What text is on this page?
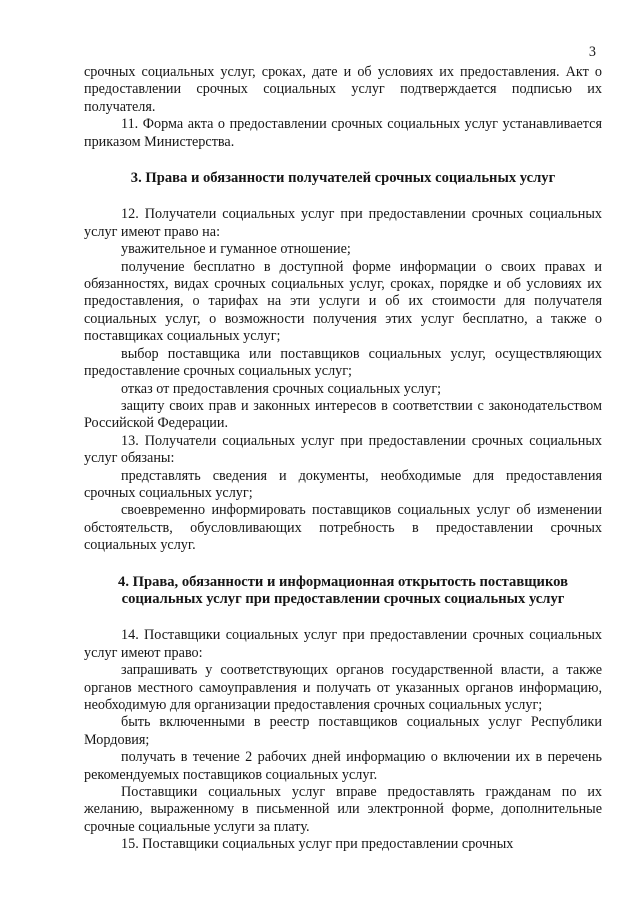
3

срочных социальных услуг, сроках, дате и об условиях их предоставления. Акт о предоставлении срочных социальных услуг подтверждается подписью их получателя.

11. Форма акта о предоставлении срочных социальных услуг устанавливается приказом Министерства.

3. Права и обязанности получателей срочных социальных услуг

12. Получатели социальных услуг при предоставлении срочных социальных услуг имеют право на:

уважительное и гуманное отношение;

получение бесплатно в доступной форме информации о своих правах и обязанностях, видах срочных социальных услуг, сроках, порядке и об условиях их предоставления, о тарифах на эти услуги и об их стоимости для получателя социальных услуг, о возможности получения этих услуг бесплатно, а также о поставщиках социальных услуг;

выбор поставщика или поставщиков социальных услуг, осуществляющих предоставление срочных социальных услуг;

отказ от предоставления срочных социальных услуг;

защиту своих прав и законных интересов в соответствии с законодательством Российской Федерации.

13. Получатели социальных услуг при предоставлении срочных социальных услуг обязаны:

представлять сведения и документы, необходимые для предоставления срочных социальных услуг;

своевременно информировать поставщиков социальных услуг об изменении обстоятельств, обусловливающих потребность в предоставлении срочных социальных услуг.

4. Права, обязанности и информационная открытость поставщиков социальных услуг при предоставлении срочных социальных услуг

14. Поставщики социальных услуг при предоставлении срочных социальных услуг имеют право:

запрашивать у соответствующих органов государственной власти, а также органов местного самоуправления и получать от указанных органов информацию, необходимую для организации предоставления срочных социальных услуг;

быть включенными в реестр поставщиков социальных услуг Республики Мордовия;

получать в течение 2 рабочих дней информацию о включении их в перечень рекомендуемых поставщиков социальных услуг.

Поставщики социальных услуг вправе предоставлять гражданам по их желанию, выраженному в письменной или электронной форме, дополнительные срочные социальные услуги за плату.

15. Поставщики социальных услуг при предоставлении срочных
